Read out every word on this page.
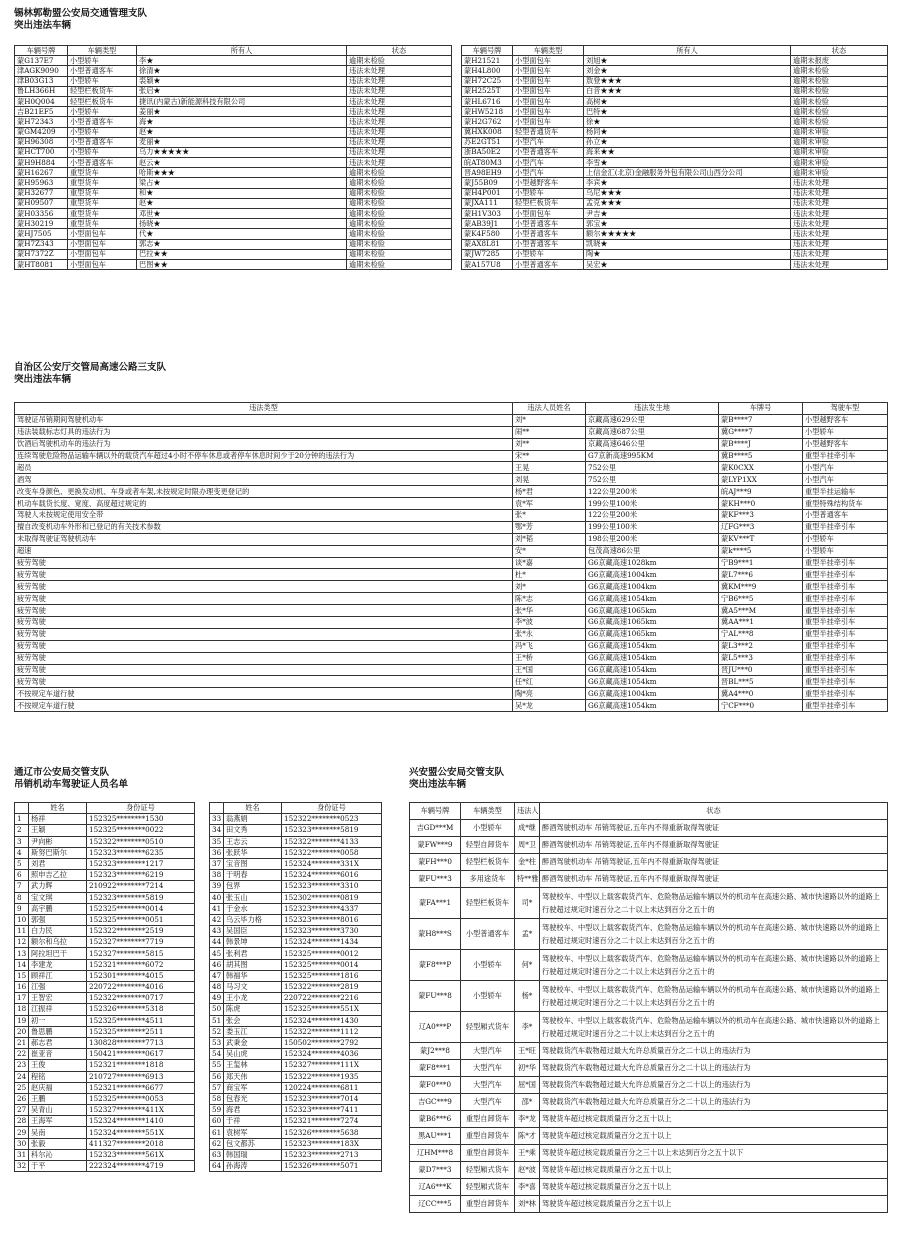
锡林郭勒盟公安局交通管理支队
突出违法车辆
车辆号牌	车辆类型	所有人	状态
蒙G137E7	小型轿车	李★	逾期未检验
津AGK9090	小型普通客车	徐清★	违法未处理
津B03G13	小型轿车	裘颖★	违法未处理
鲁LH366H	轻型栏板货车	张启★	违法未处理
蒙H0Q004	轻型栏板货车	捷讯(内蒙古)新能源科技有限公司	违法未处理
吉B21EF5	小型轿车	姜丽★	违法未处理
蒙H72343	小型普通客车	海★	违法未处理
蒙GM4209	小型轿车	赵★	违法未处理
蒙H96308	小型普通客车	麦丽★	违法未处理
蒙HCT700	小型轿车	乌力★★★★★	违法未处理
蒙H9H884	小型普通客车	赵云★	违法未处理
蒙H16267	重型货车	哈斯★★★	逾期未检验
蒙H95963	重型货车	梁占★	逾期未检验
蒙H32677	重型货车	和★	逾期未检验
蒙H09507	重型货车	赵★	逾期未检验
蒙H03356	重型货车	邓世★	逾期未检验
蒙H30219	重型货车	扬晓★	逾期未检验
蒙HJ7505	小型面包车	代★	逾期未检验
蒙H7Z343	小型面包车	郭志★	逾期未检验
蒙H7372Z	小型面包车	巴拉★★	逾期未检验
蒙HT8081	小型面包车	巴图★★	逾期未检验
车辆号牌	车辆类型	所有人	状态
蒙H21521	小型面包车	刘旭★	逾期未报废
蒙H4L800	小型面包车	刘金★	逾期未检验
蒙H72C25	小型面包车	敖登★★★	逾期未检验
蒙H2525T	小型面包车	白音★★★	逾期未检验
蒙HL6716	小型面包车	高树★	逾期未检验
蒙HW5218	小型面包车	巴特★	逾期未检验
蒙H2G762	小型面包车	徐★	逾期未检验
冀HXK008	轻型普通货车	杨同★	逾期未审验
苏E2GT51	小型汽车	孙立★	逾期未审验
浙BA50E2	小型普通客车	海来★★	逾期未审验
皖AT80M3	小型汽车	李雪★	逾期未审验
晋A98EH9	小型汽车	上信金汇(北京)金融服务外包有限公司山西分公司	逾期未审验
蒙J55B09	小型越野客车	李宾★	违法未处理
蒙H4P001	小型轿车	乌尼★★★	违法未处理
蒙JXA111	轻型栏板货车	孟克★★★	违法未处理
蒙H1V303	小型面包车	尹吉★	违法未处理
蒙AB39J1	小型普通客车	郭宝★	违法未处理
蒙K4F580	小型普通客车	额尔★★★★★	违法未处理
蒙AX8L81	小型普通客车	凯晓★	违法未处理
蒙JW7285	小型轿车	陶★	违法未处理
蒙A157U8	小型普通客车	吴宏★	违法未处理
自治区公安厅交管局高速公路三支队
突出违法车辆
违法类型	违法人员姓名	违法发生地	车牌号	驾驶车型
驾驶证吊销期间驾驶机动车	刘*	京藏高速629公里	蒙B****7	小型越野客车
违法装载标志灯具的违法行为	闹**	京藏高速687公里	冀G****7	小型轿车
饮酒后驾驶机动车的违法行为	刘**	京藏高速646公里	蒙B****J	小型越野客车
连续驾驶危险物品运输车辆以外的载货汽车超过4小时不停车休息或者停车休息时间少于20分钟的违法行为	宋**	G7京新高速995KM	冀B****5	重型半挂牵引车
超员	王晃	752公里	蒙K0CXX	小型汽车
酒驾	刘晃	752公里	蒙LYP1XX	小型汽车
改变车身颜色、更换发动机、车身或者车架,未按规定时限办理变更登记的	杨*君	122公里200米	皖AJ***9	重型半挂运输车
机动车载货长度、宽度、高度超过规定的	袁*军	199公里100米	蒙KH***0	重型特殊结构货车
驾驶人未按规定使用安全带	张*	122公里200米	蒙KF***3	小型普通客车
擅自改变机动车外形和已登记的有关技术参数	鄂*芳	199公里100米	辽FG***3	重型半挂牵引车
未取得驾驶证驾驶机动车	刘*韬	198公里200米	蒙KV***T	小型轿车
超速	安*	包茂高速86公里	蒙k****5	小型轿车
疲劳驾驶	谈*嘉	G6京藏高速1028km	宁B9***1	重型半挂牵引车
疲劳驾驶	杜*	G6京藏高速1004km	蒙L7***6	重型半挂牵引车
疲劳驾驶	刘*	G6京藏高速1004km	冀KM***9	重型半挂牵引车
疲劳驾驶	陈*志	G6京藏高速1054km	宁B6***5	重型半挂牵引车
疲劳驾驶	张*华	G6京藏高速1065km	冀A5***M	重型半挂牵引车
疲劳驾驶	李*波	G6京藏高速1065km	冀AA***1	重型半挂牵引车
疲劳驾驶	张*永	G6京藏高速1065km	宁AL***8	重型半挂牵引车
疲劳驾驶	冯*飞	G6京藏高速1054km	蒙L3***2	重型半挂牵引车
疲劳驾驶	王*桥	G6京藏高速1054km	蒙L5***3	重型半挂牵引车
疲劳驾驶	王*国	G6京藏高速1054km	晋JU***0	重型半挂牵引车
疲劳驾驶	任*红	G6京藏高速1054km	晋BL***5	重型半挂牵引车
不按规定车道行驶	陶*亮	G6京藏高速1004km	冀A4***0	重型半挂牵引车
不按规定车道行驶	吴*龙	G6京藏高速1054km	宁CF***0	重型半挂牵引车
通辽市公安局交管支队
吊销机动车驾驶证人员名单
	姓名	身份证号
1	杨祥	152325********1530
2	王颖	152325********0022
3	尹向彬	152322********0510
4	斯努巴斯尔	152323********6235
5	刘君	152323********1217
6	照申吉乙拉	152323********6219
7	武力辉	210922********7214
8	宝文琪	152323********5819
9	高宇鹏	152325********0014
10	郭强	152325********0051
11	白力民	152322********2519
12	额尔和乌拉	152327********7719
13	阿拉坦巴干	152327********5815
14	李建龙	152321********6072
15	顾祥江	152301********4015
16	江强	220722********4016
17	王智宏	152322********0717
18	江振祥	152326********5318
19	初一	152325********4511
20	鲁思鹏	152325********2511
21	郝志君	130828********7713
22	崔亚音	150421********0617
23	王俊	152321********1818
24	程铭	210727********6913
25	赵庆福	152321********6677
26	王鹏	152325********0053
27	吴青山	152327********411X
28	王海军	152324********1410
29	吴南	152324********551X
30	张毅	411327********2018
31	科尔沁	152323********561X
32	于平	222324********4719
	姓名	身份证号
33	翁燕娟	152322********0523
34	田文秀	152323********5819
35	王志云	152322********4133
36	张跃华	152322********0058
37	宝音图	152324********331X
38	于明春	152324********6016
39	包界	152323********3310
40	张玉山	152302********0819
41	于金水	152323********4337
42	乌云毕力格	152323********8016
43	吴国臣	152323********3730
44	韩景坤	152324********1434
45	张利君	152325********0012
46	胡其图	152325********0014
47	韩福华	152325********1816
48	马习文	152322********2819
49	王小龙	220722********2216
50	陈虎	152325********551X
51	张会	152324********1430
52	娄玉江	152322********1112
53	武秉金	150502********2792
54	吴山虎	152324********4036
55	王玺林	152327********111X
56	郑天伟	152322********1935
57	商宝军	120224********6811
58	包春光	152323********7014
59	海君	152323********7411
60	于祥	152321********7274
61	袁树军	152326********5638
62	包文都苏	152323********183X
63	韩国瑞	152323********2713
64	孙海涛	152326********5071
兴安盟公安局交管支队
突出违法车辆
车辆号牌	车辆类型	违法人	状态
吉GD***M	小型轿车	成*继	醉酒驾驶机动车 吊销驾驶证,五年内不得重新取得驾驶证
蒙FW***9	轻型自卸货车	周*卫	醉酒驾驶机动车 吊销驾驶证,五年内不得重新取得驾驶证
蒙FH***0	轻型栏板货车	金*柱	醉酒驾驶机动车 吊销驾驶证,五年内不得重新取得驾驶证
蒙FU***3	多用途货车	特**雅	醉酒驾驶机动车 吊销驾驶证,五年内不得重新取得驾驶证
蒙FA***1	轻型栏板货车	司*	驾驶校车、中型以上载客载货汽车、危险物品运输车辆以外的机动车在高速公路、城市快速路以外的道路上行驶超过规定时速百分之二十以上未达到百分之五十的
蒙H8***S	小型普通客车	孟*	驾驶校车、中型以上载客载货汽车、危险物品运输车辆以外的机动车在高速公路、城市快速路以外的道路上行驶超过规定时速百分之二十以上未达到百分之五十的
蒙F8***P	小型轿车	何*	驾驶校车、中型以上载客载货汽车、危险物品运输车辆以外的机动车在高速公路、城市快速路以外的道路上行驶超过规定时速百分之二十以上未达到百分之五十的
蒙FU***8	小型轿车	杨*	驾驶校车、中型以上载客载货汽车、危险物品运输车辆以外的机动车在高速公路、城市快速路以外的道路上行驶超过规定时速百分之二十以上未达到百分之五十的
辽A0***P	轻型厢式货车	李*	驾驶校车、中型以上载客载货汽车、危险物品运输车辆以外的机动车在高速公路、城市快速路以外的道路上行驶超过规定时速百分之二十以上未达到百分之五十的
蒙J2***8	大型汽车	王*旺	驾驶载货汽车载物超过最大允许总质量百分之二十以上的违法行为
蒙F8***1	大型汽车	初*华	驾驶载货汽车载物超过最大允许总质量百分之二十以上的违法行为
蒙F0***0	大型汽车	屈*国	驾驶载货汽车载物超过最大允许总质量百分之二十以上的违法行为
吉GC***9	大型汽车	邵*	驾驶载货汽车载物超过最大允许总质量百分之二十以上的违法行为
蒙B6***6	重型自卸货车	李*龙	驾驶货车超过核定载质量百分之五十以上
黑AU***1	重型自卸货车	陈*才	驾驶货车超过核定载质量百分之五十以上
辽HM***8	重型自卸货车	王*乘	驾驶货车超过核定载质量百分之三十以上未达到百分之五十以下
蒙D7***3	轻型厢式货车	赵*波	驾驶货车超过核定载质量百分之五十以上
辽A6***K	轻型厢式货车	李*喜	驾驶货车超过核定载质量百分之五十以上
辽CC***5	重型自卸货车	刘*林	驾驶货车超过核定载质量百分之五十以上
